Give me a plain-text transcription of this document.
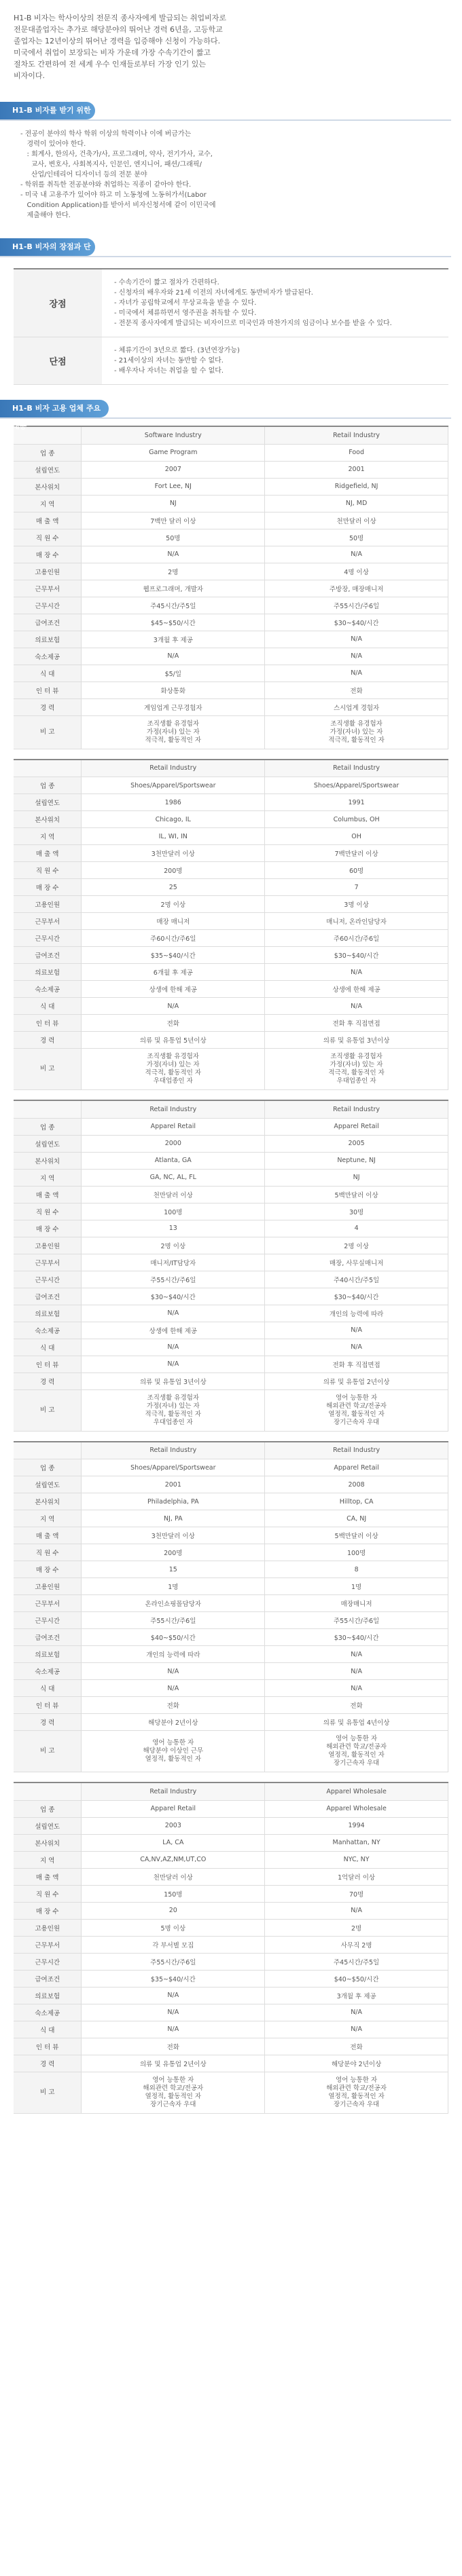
H1-B 비자는 학사이상의 전문직 종사자에게 발급되는 취업비자로
전문대졸업자는 추가로 해당분야의 뛰어난 경력 6년을, 고등학교
졸업자는 12년이상의 뛰어난 경력을 입증해야 신청이 가능하다.
미국에서 취업이 보장되는 비자 가운데 가장 수속기간이 짧고
절차도 간편하여 전 세계 우수 인재들로부터 가장 인기 있는
비자이다.

H1-B 비자를 받기 위한 조건
- 전공이 분야의 학사 학위 이상의 학력이나 이에 버금가는
경력이 있어야 한다.
: 회계사, 한의사, 건축가/사, 프로그래머, 약사, 전기가사, 교수,
교사, 변호사, 사회복지사, 인문인, 엔지니어, 패션/그래픽/
산업/인테리어 디자이너 등의 전문 분야
- 학위를 취득한 전공분야와 취업하는 직종이 같아야 한다.
- 미국 내 고용주가 있어야 하고 미 노동청에 노동허가서(Labor
Condition Application)를 받아서 비자신청서에 같이 이민국에
제출해야 한다.
H1-B 비자의 장점과 단점
장점
- 수속기간이 짧고 절차가 간편하다.
- 신청자의 배우자와 21세 이전의 자녀에게도 동반비자가 발급된다.
- 자녀가 공립학교에서 무상교육을 받을 수 있다.
- 미국에서 체류하면서 영주권을 취득할 수 있다.
- 전문직 종사자에게 발급되는 비자이므로 미국인과 마찬가지의 임금이나 보수를 받을 수 있다.
단점
- 체류기간이 3년으로 짧다. (3년연장가능)
- 21세이상의 자녀는 동반할 수 없다.
- 배우자나 자녀는 취업을 할 수 없다.
H1-B 비자 고용 업체 주요 내용
	Software Industry	Retail Industry
업 종	Game Program	Food
설립연도	2007	2001
본사위치	Fort Lee, NJ	Ridgefield, NJ
지 역	NJ	NJ, MD
매 출 액	7백만 달러 이상	천만달러 이상
직 원 수	50명	50명
매 장 수	N/A	N/A
고용인원	2명	4명 이상
근무부서	웹프로그래머, 개발자	주방장, 매장매니저
근무시간	주45시간/주5일	주55시간/주6일
급여조건	$45~$50/시간	$30~$40/시간
의료보험	3개월 후 제공	N/A
숙소제공	N/A	N/A
식 대	$5/일	N/A
인 터 뷰	화상통화	전화
경 력	게임업계 근무경험자	스시업계 경험자
비 고	조직생활 유경험자
가정(자녀) 있는 자
적극적, 활동적인 자	조직생활 유경험자
가정(자녀) 있는 자
적극적, 활동적인 자
	Retail Industry	Retail Industry
업 종	Shoes/Apparel/Sportswear	Shoes/Apparel/Sportswear
설립연도	1986	1991
본사위치	Chicago, IL	Columbus, OH
지 역	IL, WI, IN	OH
매 출 액	3천만달러 이상	7백만달러 이상
직 원 수	200명	60명
매 장 수	25	7
고용인원	2명 이상	3명 이상
근무부서	매장 매니저	매니저, 온라인담당자
근무시간	주60시간/주6일	주60시간/주6일
급여조건	$35~$40/시간	$30~$40/시간
의료보험	6개월 후 제공	N/A
숙소제공	상생에 한해 제공	상생에 한해 제공
식 대	N/A	N/A
인 터 뷰	전화	전화 후 직접면접
경 력	의류 및 유통업 5년이상	의류 및 유통업 3년이상
비 고	조직생활 유경험자
가정(자녀) 있는 자
적극적, 활동적인 자
우대업종인 자	조직생활 유경험자
가정(자녀) 있는 자
적극적, 활동적인 자
우대업종인 자
	Retail Industry	Retail Industry
업 종	Apparel Retail	Apparel Retail
설립연도	2000	2005
본사위치	Atlanta, GA	Neptune, NJ
지 역	GA, NC, AL, FL	NJ
매 출 액	천만달러 이상	5백만달러 이상
직 원 수	100명	30명
매 장 수	13	4
고용인원	2명 이상	2명 이상
근무부서	매니저/IT담당자	매장, 사무실매니저
근무시간	주55시간/주6일	주40시간/주5일
급여조건	$30~$40/시간	$30~$40/시간
의료보험	N/A	개인의 능력에 따라
숙소제공	상생에 한해 제공	N/A
식 대	N/A	N/A
인 터 뷰	N/A	전화 후 직접면접
경 력	의류 및 유통업 3년이상	의류 및 유통업 2년이상
비 고	조직생활 유경험자
가정(자녀) 있는 자
적극적, 활동적인 자
우대업종인 자	영어 능통한 자
해외관련 학교/전공자
열정적, 활동적인 자
장기근속자 우대
	Retail Industry	Retail Industry
업 종	Shoes/Apparel/Sportswear	Apparel Retail
설립연도	2001	2008
본사위치	Philadelphia, PA	Hilltop, CA
지 역	NJ, PA	CA, NJ
매 출 액	3천만달러 이상	5백만달러 이상
직 원 수	200명	100명
매 장 수	15	8
고용인원	1명	1명
근무부서	온라인쇼핑몰담당자	매장매니저
근무시간	주55시간/주6일	주55시간/주6일
급여조건	$40~$50/시간	$30~$40/시간
의료보험	개인의 능력에 따라	N/A
숙소제공	N/A	N/A
식 대	N/A	N/A
인 터 뷰	전화	전화
경 력	해당분야 2년이상	의류 및 유통업 4년이상
비 고	영어 능통한 자
해당분야 이상인 근무
열정적, 활동적인 자	영어 능통한 자
해외관련 학교/전공자
열정적, 활동적인 자
장기근속자 우대
	Retail Industry	Apparel Wholesale
업 종	Apparel Retail	Apparel Wholesale
설립연도	2003	1994
본사위치	LA, CA	Manhattan, NY
지 역	CA,NV,AZ,NM,UT,CO	NYC, NY
매 출 액	천만달러 이상	1억달러 이상
직 원 수	150명	70명
매 장 수	20	N/A
고용인원	5명 이상	2명
근무부서	각 부서별 모집	사무직 2명
근무시간	주55시간/주6일	주45시간/주5일
급여조건	$35~$40/시간	$40~$50/시간
의료보험	N/A	3개월 후 제공
숙소제공	N/A	N/A
식 대	N/A	N/A
인 터 뷰	전화	전화
경 력	의류 및 유통업 2년이상	해당분야 2년이상
비 고	영어 능통한 자
해외관련 학교/전공자
열정적, 활동적인 자
장기근속자 우대	영어 능통한 자
해외관련 학교/전공자
열정적, 활동적인 자
장기근속자 우대
